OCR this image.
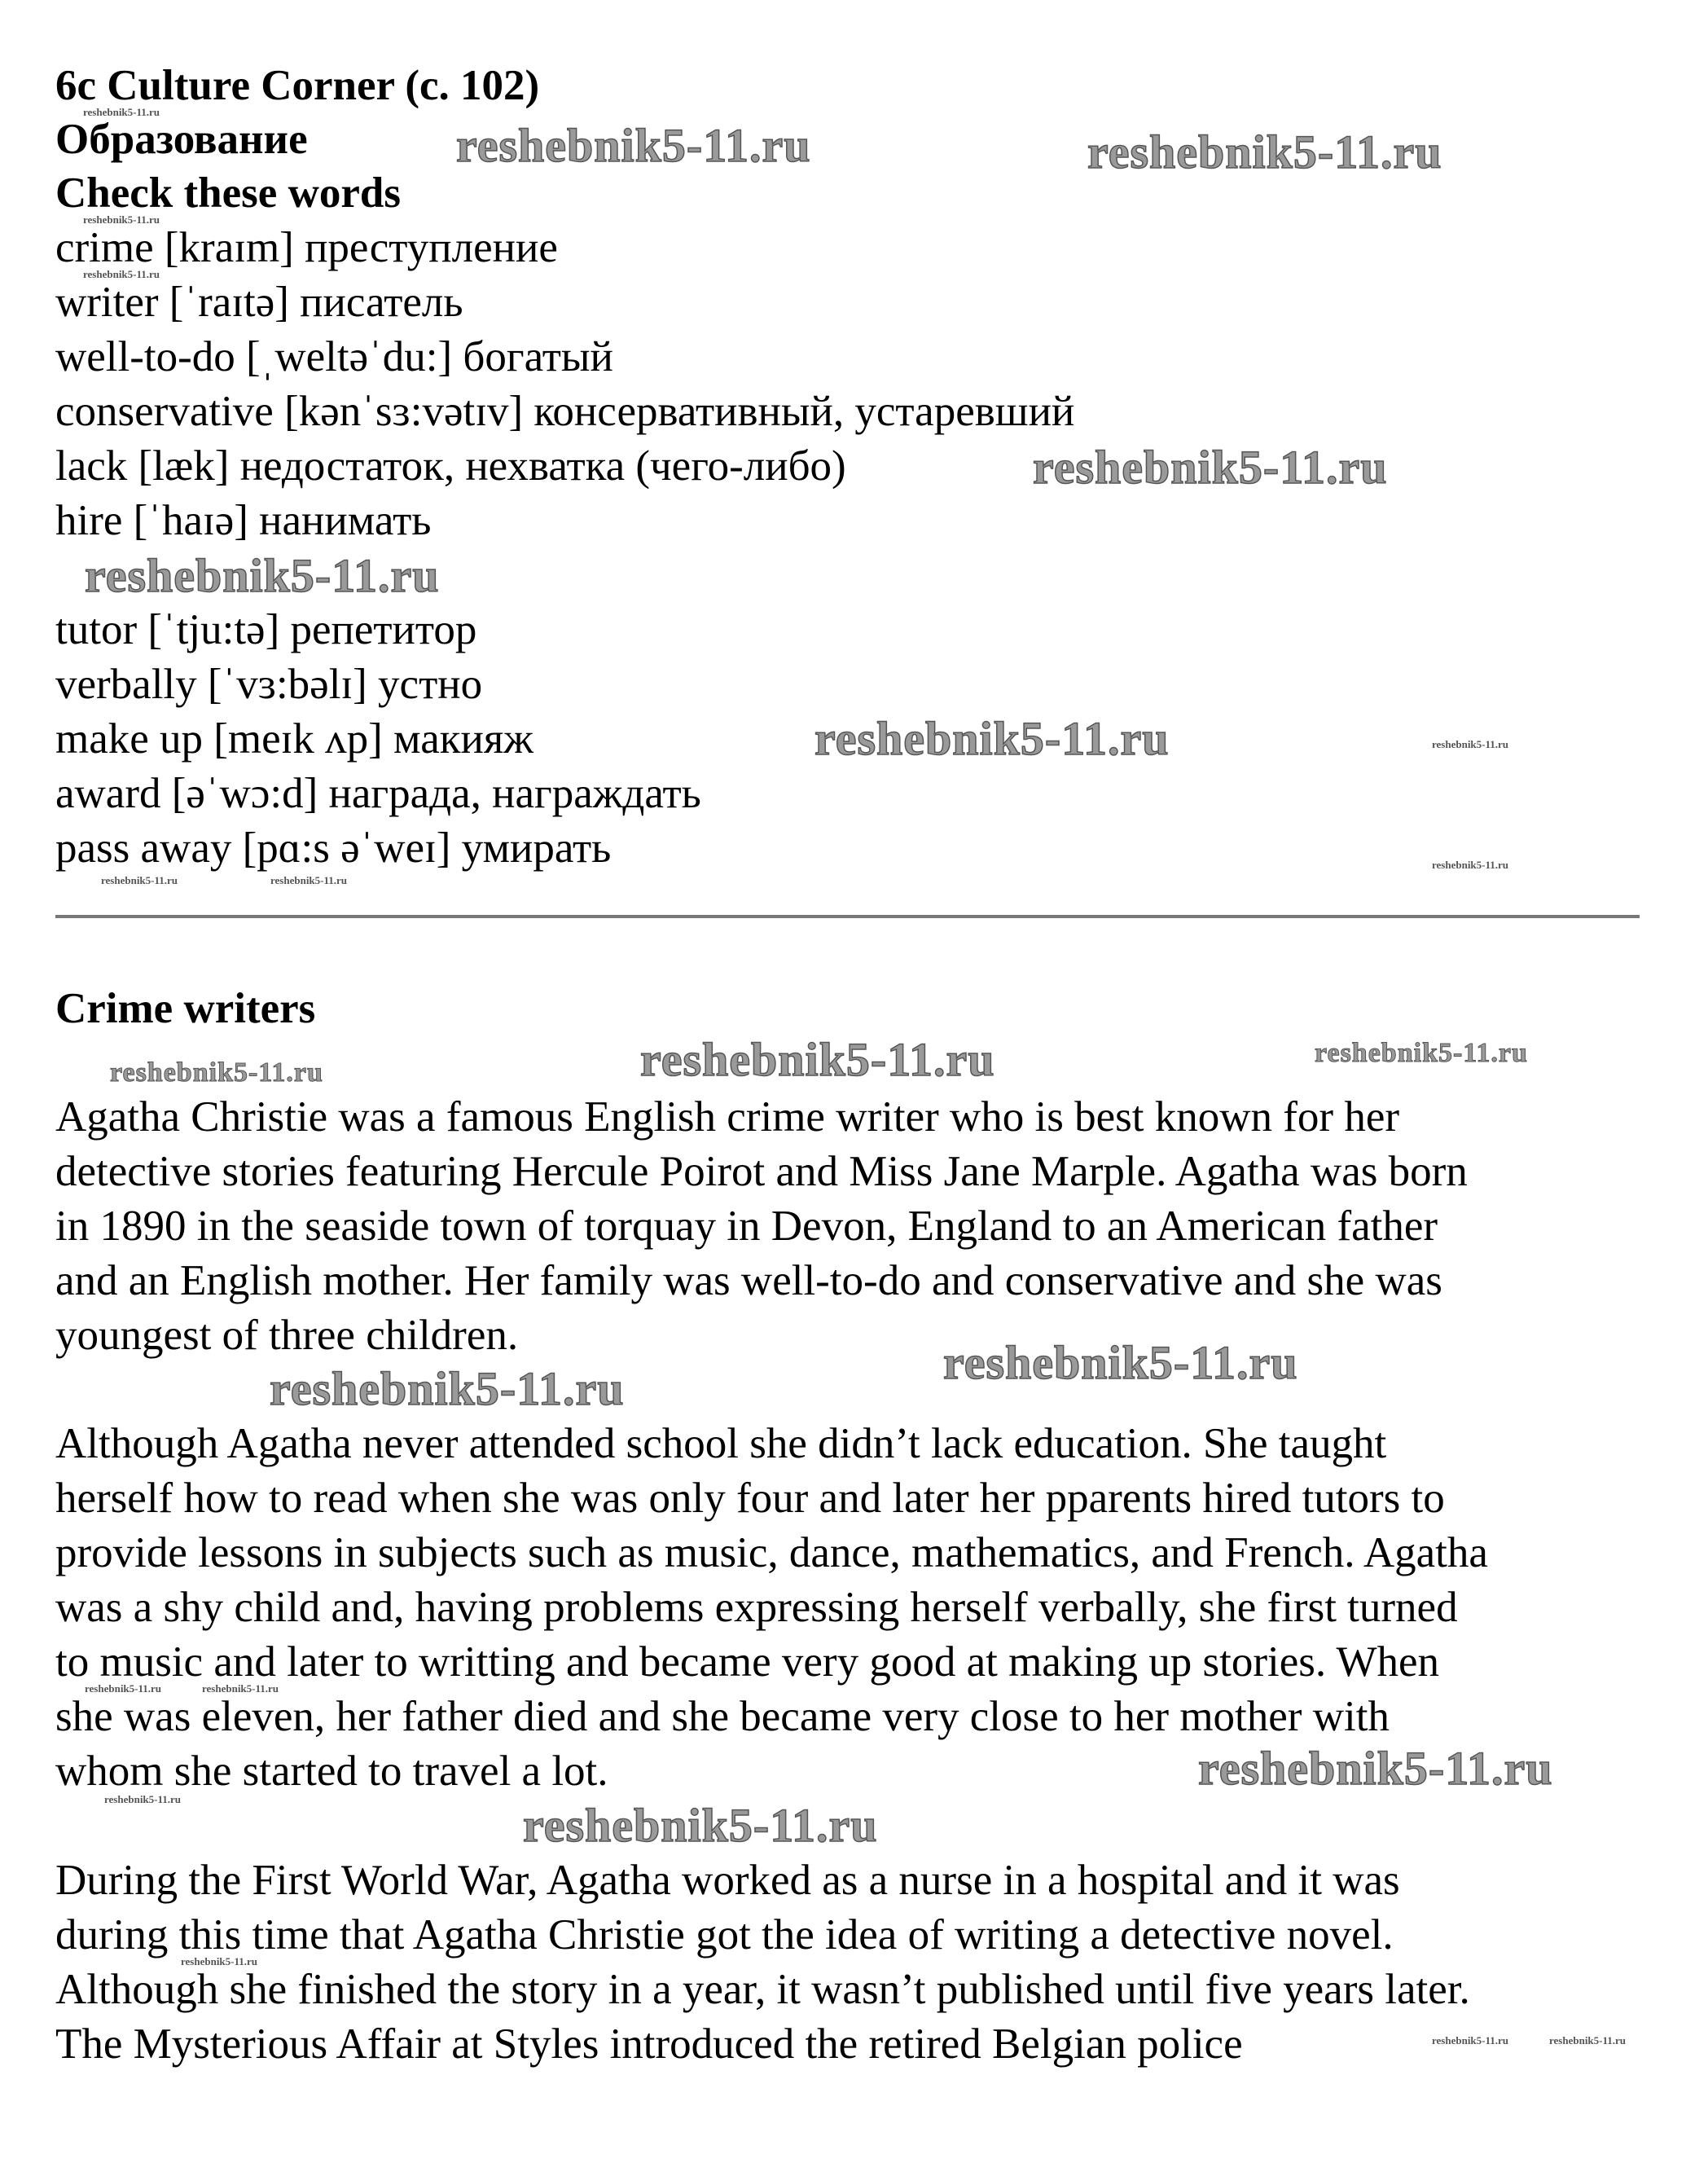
6c Culture Corner (с. 102)
Образование
Check these words
crime [kraɪm] преступление
writer [ˈraɪtə] писатель
well-to-do [ˌweltəˈdu:] богатый
conservative [kənˈsɜ:vətɪv] консервативный, устаревший
lack [læk] недостаток, нехватка (чего-либо)
hire [ˈhaɪə] нанимать
tutor [ˈtju:tə] репетитор
verbally [ˈvɜ:bəlɪ] устно
make up [meɪk ʌp] макияж
award [əˈwɔ:d] награда, награждать
pass away [pɑ:s əˈweɪ] умирать
Crime writers
Agatha Christie was a famous English crime writer who is best known for her
detective stories featuring Hercule Poirot and Miss Jane Marple. Agatha was born
in 1890 in the seaside town of torquay in Devon, England to an American father
and an English mother. Her family was well-to-do and conservative and she was
youngest of three children.
Although Agatha never attended school she didn’t lack education. She taught
herself how to read when she was only four and later her pparents hired tutors to
provide lessons in subjects such as music, dance, mathematics, and French. Agatha
was a shy child and, having problems expressing herself verbally, she first turned
to music and later to writting and became very good at making up stories. When
she was eleven, her father died and she became very close to her mother with
whom she started to travel a lot.
During the First World War, Agatha worked as a nurse in a hospital and it was
during this time that Agatha Christie got the idea of writing a detective novel.
Although she finished the story in a year, it wasn’t published until five years later.
The Mysterious Affair at Styles introduced the retired Belgian police
reshebnik5-11.ru	reshebnik5-11.ru
reshebnik5-11.ru
reshebnik5-11.ru
reshebnik5-11.ru
reshebnik5-11.ru
reshebnik5-11.ru
reshebnik5-11.ru
reshebnik5-11.ru
reshebnik5-11.ru
reshebnik5-11.ru
reshebnik5-11.ru
reshebnik5-11.ru
reshebnik5-11.ru
reshebnik5-11.ru
reshebnik5-11.ru
reshebnik5-11.ru	reshebnik5-11.ru
reshebnik5-11.ru
reshebnik5-11.ru
reshebnik5-11.ru	reshebnik5-11.ru
reshebnik5-11.ru
reshebnik5-11.ru	reshebnik5-11.ru
